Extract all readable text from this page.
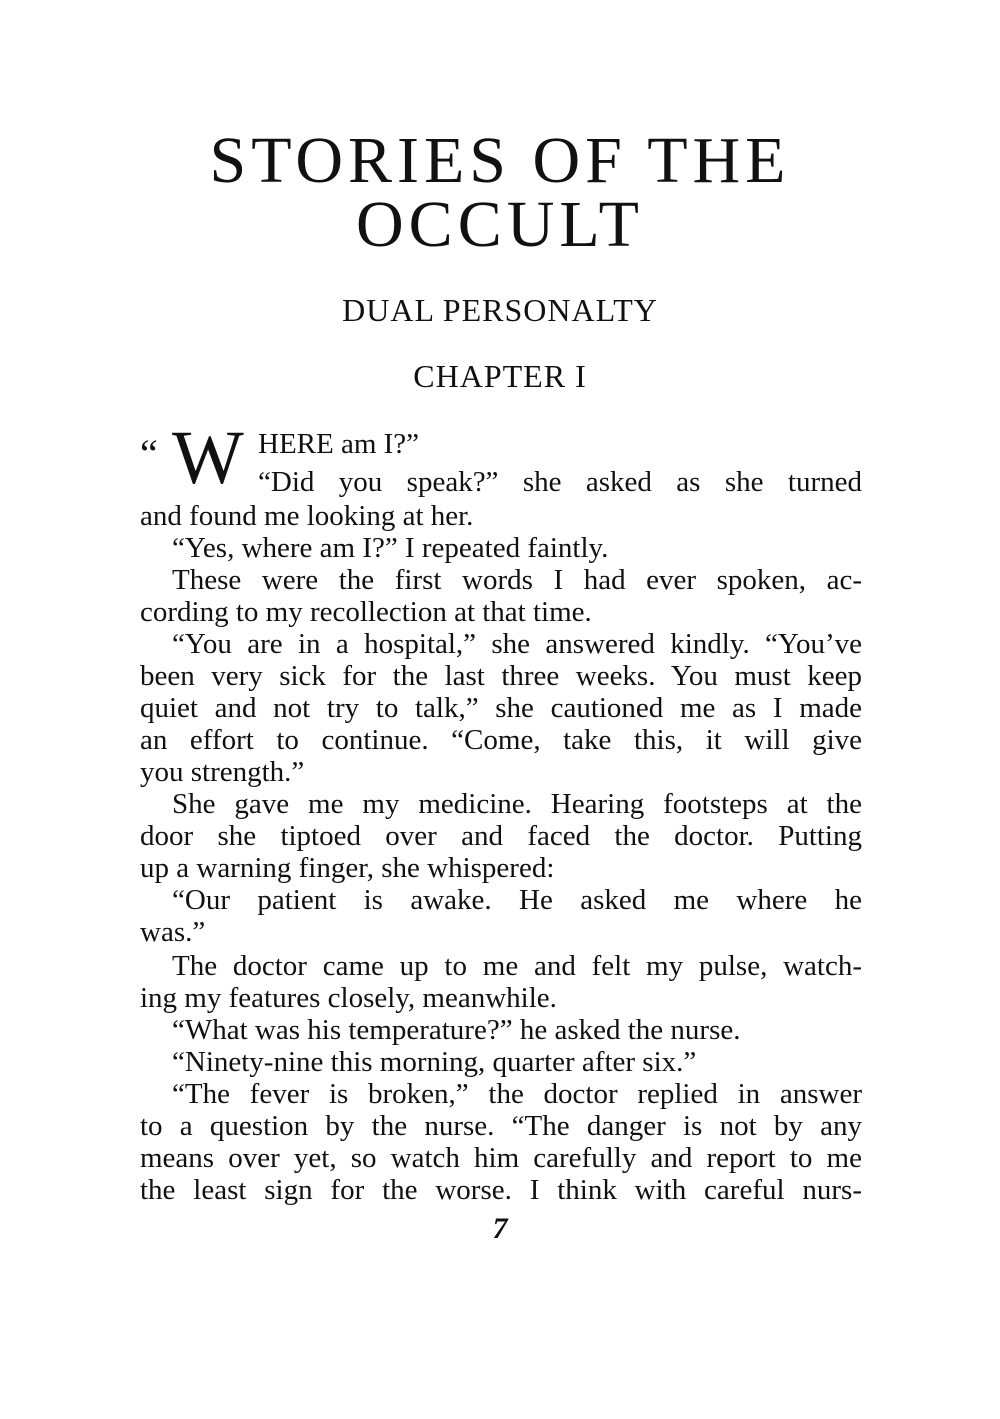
STORIES OF THE
OCCULT
DUAL PERSONALTY
CHAPTER I
“ W HERE am I?”
“Did you speak?” she asked as she turned
and found me looking at her.
“Yes, where am I?” I repeated faintly.
These were the first words I had ever spoken, ac-
cording to my recollection at that time.
“You are in a hospital,” she answered kindly. “You’ve
been very sick for the last three weeks. You must keep
quiet and not try to talk,” she cautioned me as I made
an effort to continue. “Come, take this, it will give
you strength.”
She gave me my medicine. Hearing footsteps at the
door she tiptoed over and faced the doctor. Putting
up a warning finger, she whispered:
“Our patient is awake. He asked me where he
was.”
The doctor came up to me and felt my pulse, watch-
ing my features closely, meanwhile.
“What was his temperature?” he asked the nurse.
“Ninety-nine this morning, quarter after six.”
“The fever is broken,” the doctor replied in answer
to a question by the nurse. “The danger is not by any
means over yet, so watch him carefully and report to me
the least sign for the worse. I think with careful nurs-
7
